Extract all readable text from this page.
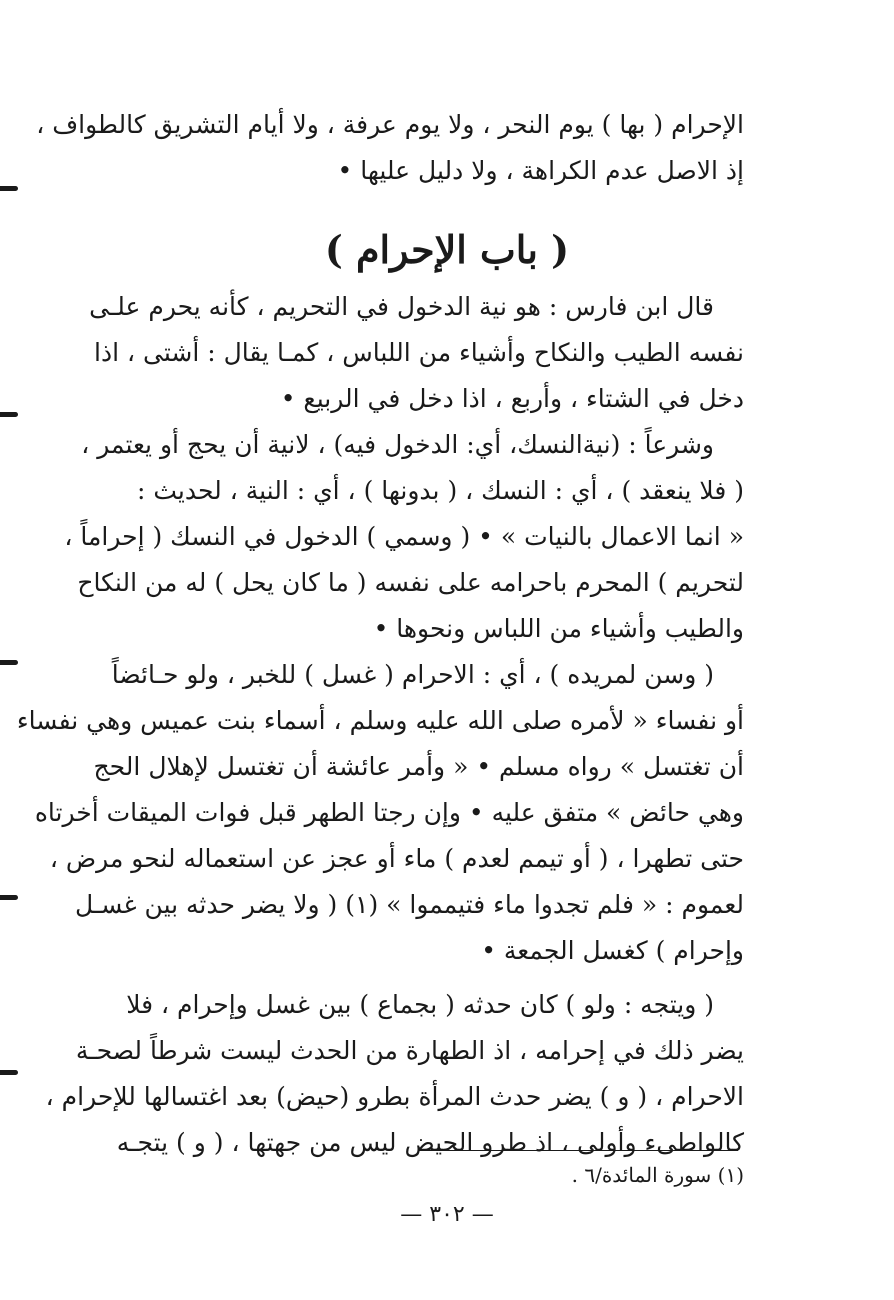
الإحرام ( بها ) يوم النحر ، ولا يوم عرفة ، ولا أيام التشريق كالطواف ،
إذ الاصل عدم الكراهة ، ولا دليل عليها •
( باب الإحرام )
قال ابن فارس : هو نية الدخول في التحريم ، كأنه يحرم علـى
نفسه الطيب والنكاح وأشياء من اللباس ، كمـا يقال : أشتى ، اذا
دخل في الشتاء ، وأربع ، اذا دخل في الربيع •
وشرعاً : (نيةالنسك، أي: الدخول فيه) ، لانية أن يحج أو يعتمر ،
( فلا ينعقد ) ، أي : النسك ، ( بدونها ) ، أي : النية ، لحديث :
« انما الاعمال بالنيات » • ( وسمي ) الدخول في النسك ( إحراماً ،
لتحريم ) المحرم باحرامه على نفسه ( ما كان يحل ) له من النكاح
والطيب وأشياء من اللباس ونحوها •
( وسن لمريده ) ، أي : الاحرام ( غسل ) للخبر ، ولو حـائضاً
أو نفساء « لأمره صلى الله عليه وسلم ، أسماء بنت عميس وهي نفساء
أن تغتسل » رواه مسلم • « وأمر عائشة أن تغتسل لإهلال الحج
وهي حائض » متفق عليه • وإن رجتا الطهر قبل فوات الميقات أخرتاه
حتى تطهرا ، ( أو تيمم لعدم ) ماء أو عجز عن استعماله لنحو مرض ،
لعموم : « فلم تجدوا ماء فتيمموا » (١) ( ولا يضر حدثه بين غسـل
وإحرام ) كغسل الجمعة •
( ويتجه : ولو ) كان حدثه ( بجماع ) بين غسل وإحرام ، فلا
يضر ذلك في إحرامه ، اذ الطهارة من الحدث ليست شرطاً لصحـة
الاحرام ، ( و ) يضر حدث المرأة بطرو (حيض) بعد اغتسالها للإحرام ،
كالواطىء وأولى ، اذ طرو الحيض ليس من جهتها ، ( و ) يتجـه
(١) سورة المائدة/٦ .
— ٣٠٢ —
